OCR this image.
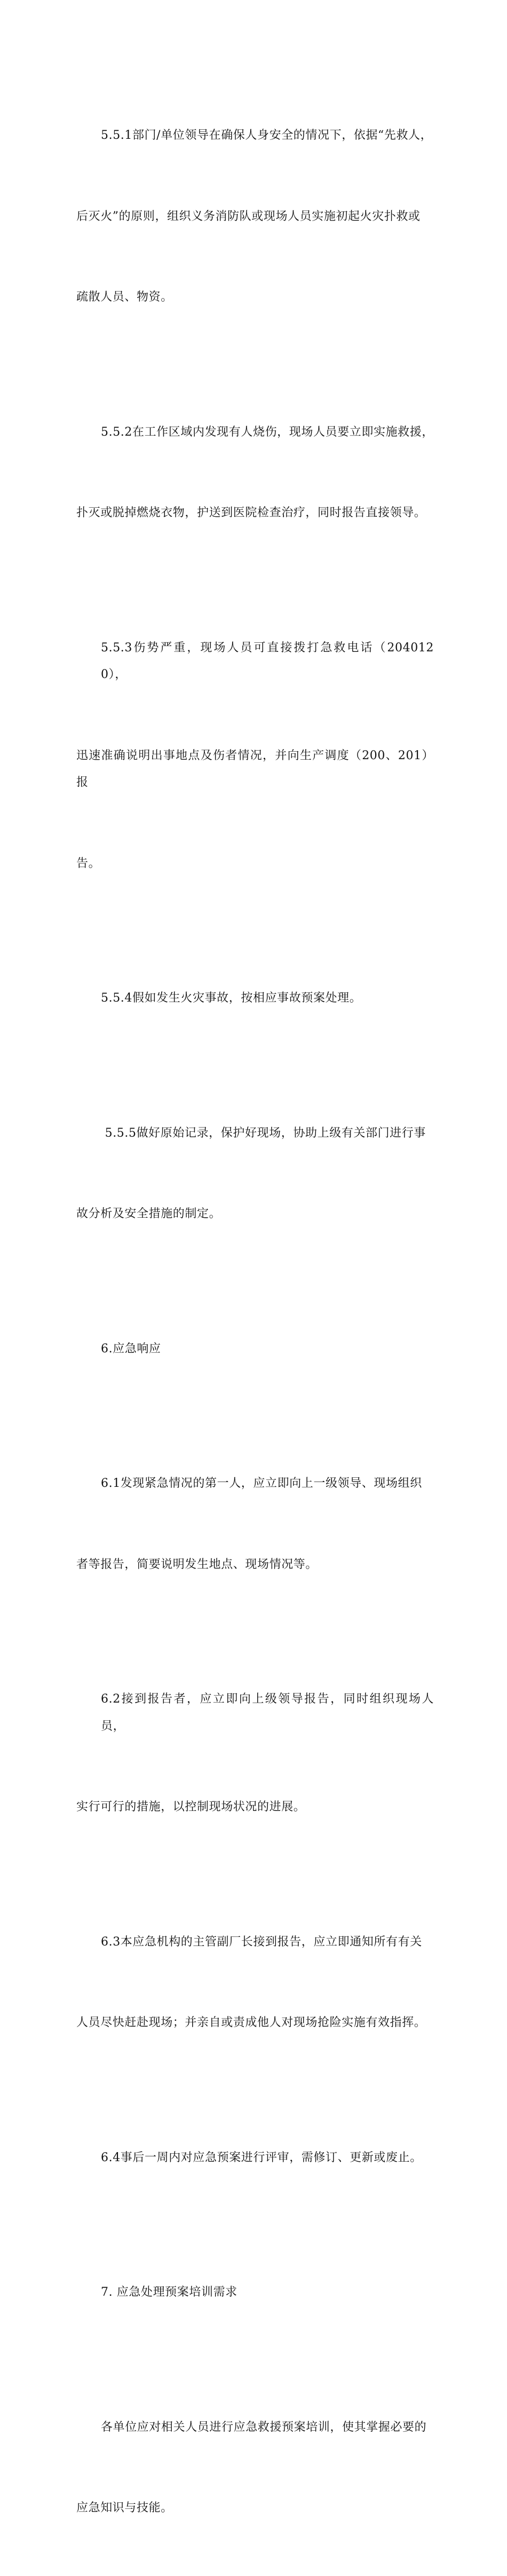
5.5.1部门/单位领导在确保人身安全的情况下，依据“先救人，

后灭火”的原则，组织义务消防队或现场人员实施初起火灾扑救或

疏散人员、物资。

5.5.2在工作区域内发现有人烧伤，现场人员要立即实施救援，

扑灭或脱掉燃烧衣物，护送到医院检查治疗，同时报告直接领导。

5.5.3伤势严重，现场人员可直接拨打急救电话（2040120），

迅速准确说明出事地点及伤者情况，并向生产调度（200、201）报

告。

5.5.4假如发生火灾事故，按相应事故预案处理。

5.5.5做好原始记录，保护好现场，协助上级有关部门进行事

故分析及安全措施的制定。

6.应急响应

6.1发现紧急情况的第一人，应立即向上一级领导、现场组织

者等报告，简要说明发生地点、现场情况等。

6.2接到报告者，应立即向上级领导报告，同时组织现场人员，

实行可行的措施，以控制现场状况的进展。

6.3本应急机构的主管副厂长接到报告，应立即通知所有有关

人员尽快赶赴现场；并亲自或责成他人对现场抢险实施有效指挥。

6.4事后一周内对应急预案进行评审，需修订、更新或废止。

7. 应急处理预案培训需求

各单位应对相关人员进行应急救援预案培训，使其掌握必要的

应急知识与技能。
